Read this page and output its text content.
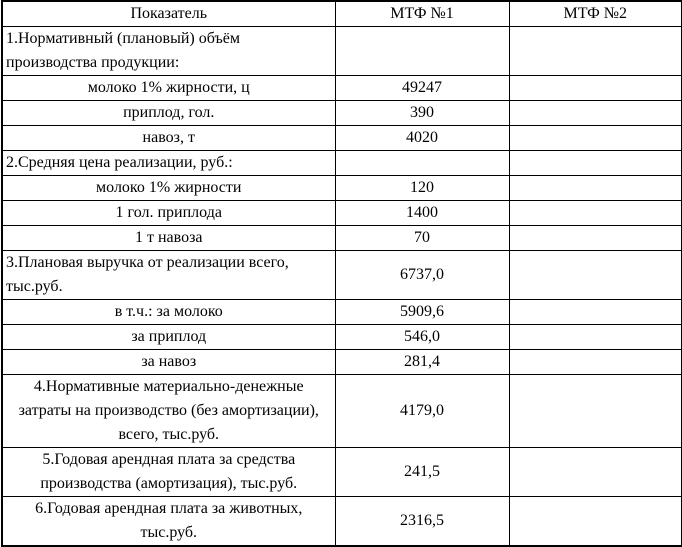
Показатель	МТФ №1	МТФ №2
1.Нормативный (плановый) объём производства продукции:		
молоко 1% жирности, ц	49247	
приплод, гол.	390	
навоз, т	4020	
2.Средняя цена реализации, руб.:		
молоко 1% жирности	120	
1 гол. приплода	1400	
1 т навоза	70	
3.Плановая выручка от реализации всего, тыс.руб.	6737,0	
в т.ч.: за молоко	5909,6	
за приплод	546,0	
за навоз	281,4	
4.Нормативные материально-денежные затраты на производство (без амортизации), всего, тыс.руб.	4179,0	
5.Годовая арендная плата за средства производства (амортизация), тыс.руб.	241,5	
6.Годовая арендная плата за животных, тыс.руб.	2316,5	
